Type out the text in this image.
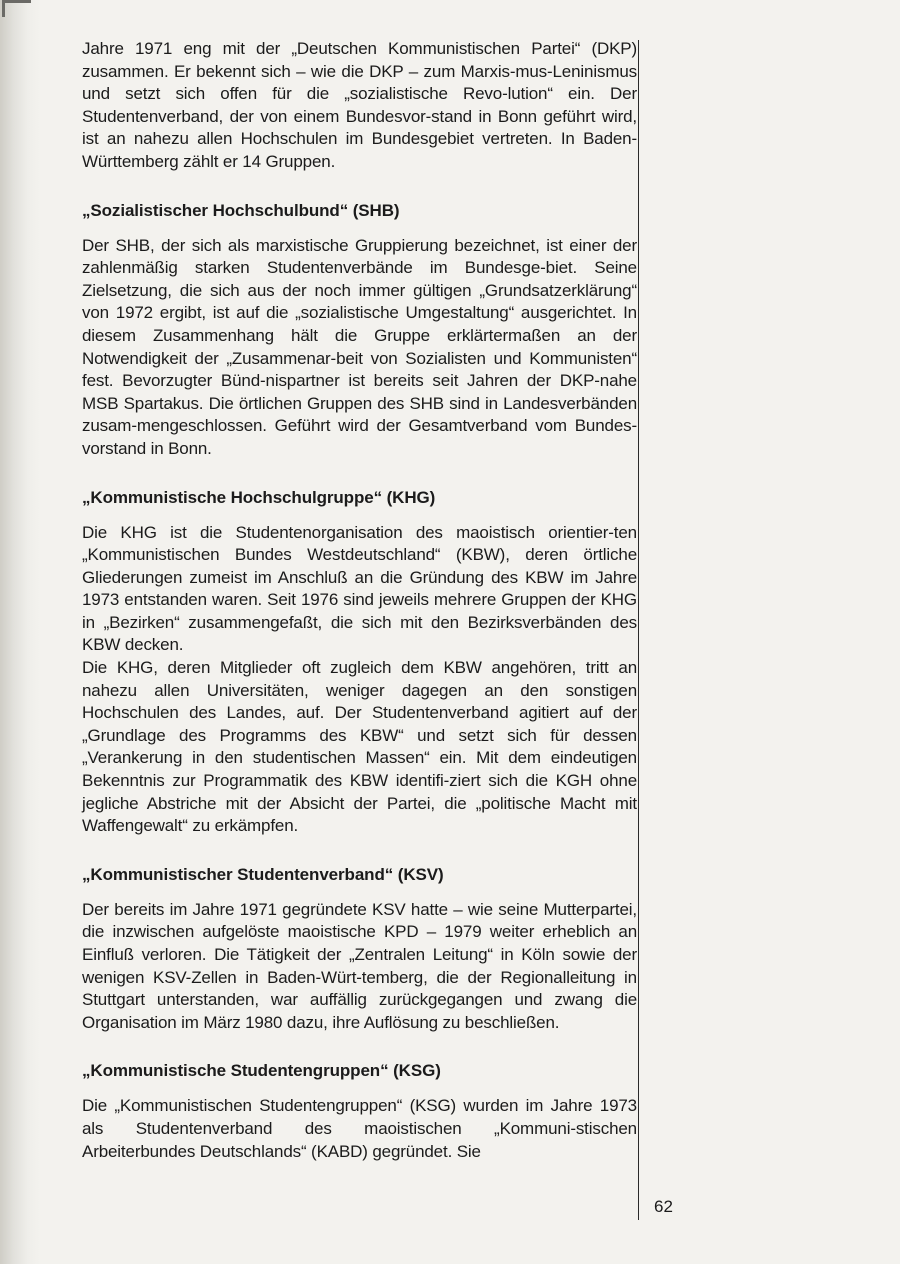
Jahre 1971 eng mit der „Deutschen Kommunistischen Partei“ (DKP) zusammen. Er bekennt sich – wie die DKP – zum Marxis-mus-Leninismus und setzt sich offen für die „sozialistische Revo-lution“ ein. Der Studentenverband, der von einem Bundesvor-stand in Bonn geführt wird, ist an nahezu allen Hochschulen im Bundesgebiet vertreten. In Baden-Württemberg zählt er 14 Gruppen.

„Sozialistischer Hochschulbund“ (SHB)

Der SHB, der sich als marxistische Gruppierung bezeichnet, ist einer der zahlenmäßig starken Studentenverbände im Bundesge-biet. Seine Zielsetzung, die sich aus der noch immer gültigen „Grundsatzerklärung“ von 1972 ergibt, ist auf die „sozialistische Umgestaltung“ ausgerichtet. In diesem Zusammenhang hält die Gruppe erklärtermaßen an der Notwendigkeit der „Zusammenar-beit von Sozialisten und Kommunisten“ fest. Bevorzugter Bünd-nispartner ist bereits seit Jahren der DKP-nahe MSB Spartakus. Die örtlichen Gruppen des SHB sind in Landesverbänden zusam-mengeschlossen. Geführt wird der Gesamtverband vom Bundes-vorstand in Bonn.

„Kommunistische Hochschulgruppe“ (KHG)

Die KHG ist die Studentenorganisation des maoistisch orientier-ten „Kommunistischen Bundes Westdeutschland“ (KBW), deren örtliche Gliederungen zumeist im Anschluß an die Gründung des KBW im Jahre 1973 entstanden waren. Seit 1976 sind jeweils mehrere Gruppen der KHG in „Bezirken“ zusammengefaßt, die sich mit den Bezirksverbänden des KBW decken.

Die KHG, deren Mitglieder oft zugleich dem KBW angehören, tritt an nahezu allen Universitäten, weniger dagegen an den sonstigen Hochschulen des Landes, auf. Der Studentenverband agitiert auf der „Grundlage des Programms des KBW“ und setzt sich für dessen „Verankerung in den studentischen Massen“ ein. Mit dem eindeutigen Bekenntnis zur Programmatik des KBW identifi-ziert sich die KGH ohne jegliche Abstriche mit der Absicht der Partei, die „politische Macht mit Waffengewalt“ zu erkämpfen.

„Kommunistischer Studentenverband“ (KSV)

Der bereits im Jahre 1971 gegründete KSV hatte – wie seine Mutterpartei, die inzwischen aufgelöste maoistische KPD – 1979 weiter erheblich an Einfluß verloren. Die Tätigkeit der „Zentralen Leitung“ in Köln sowie der wenigen KSV-Zellen in Baden-Würt-temberg, die der Regionalleitung in Stuttgart unterstanden, war auffällig zurückgegangen und zwang die Organisation im März 1980 dazu, ihre Auflösung zu beschließen.

„Kommunistische Studentengruppen“ (KSG)

Die „Kommunistischen Studentengruppen“ (KSG) wurden im Jahre 1973 als Studentenverband des maoistischen „Kommuni-stischen Arbeiterbundes Deutschlands“ (KABD) gegründet. Sie

62
